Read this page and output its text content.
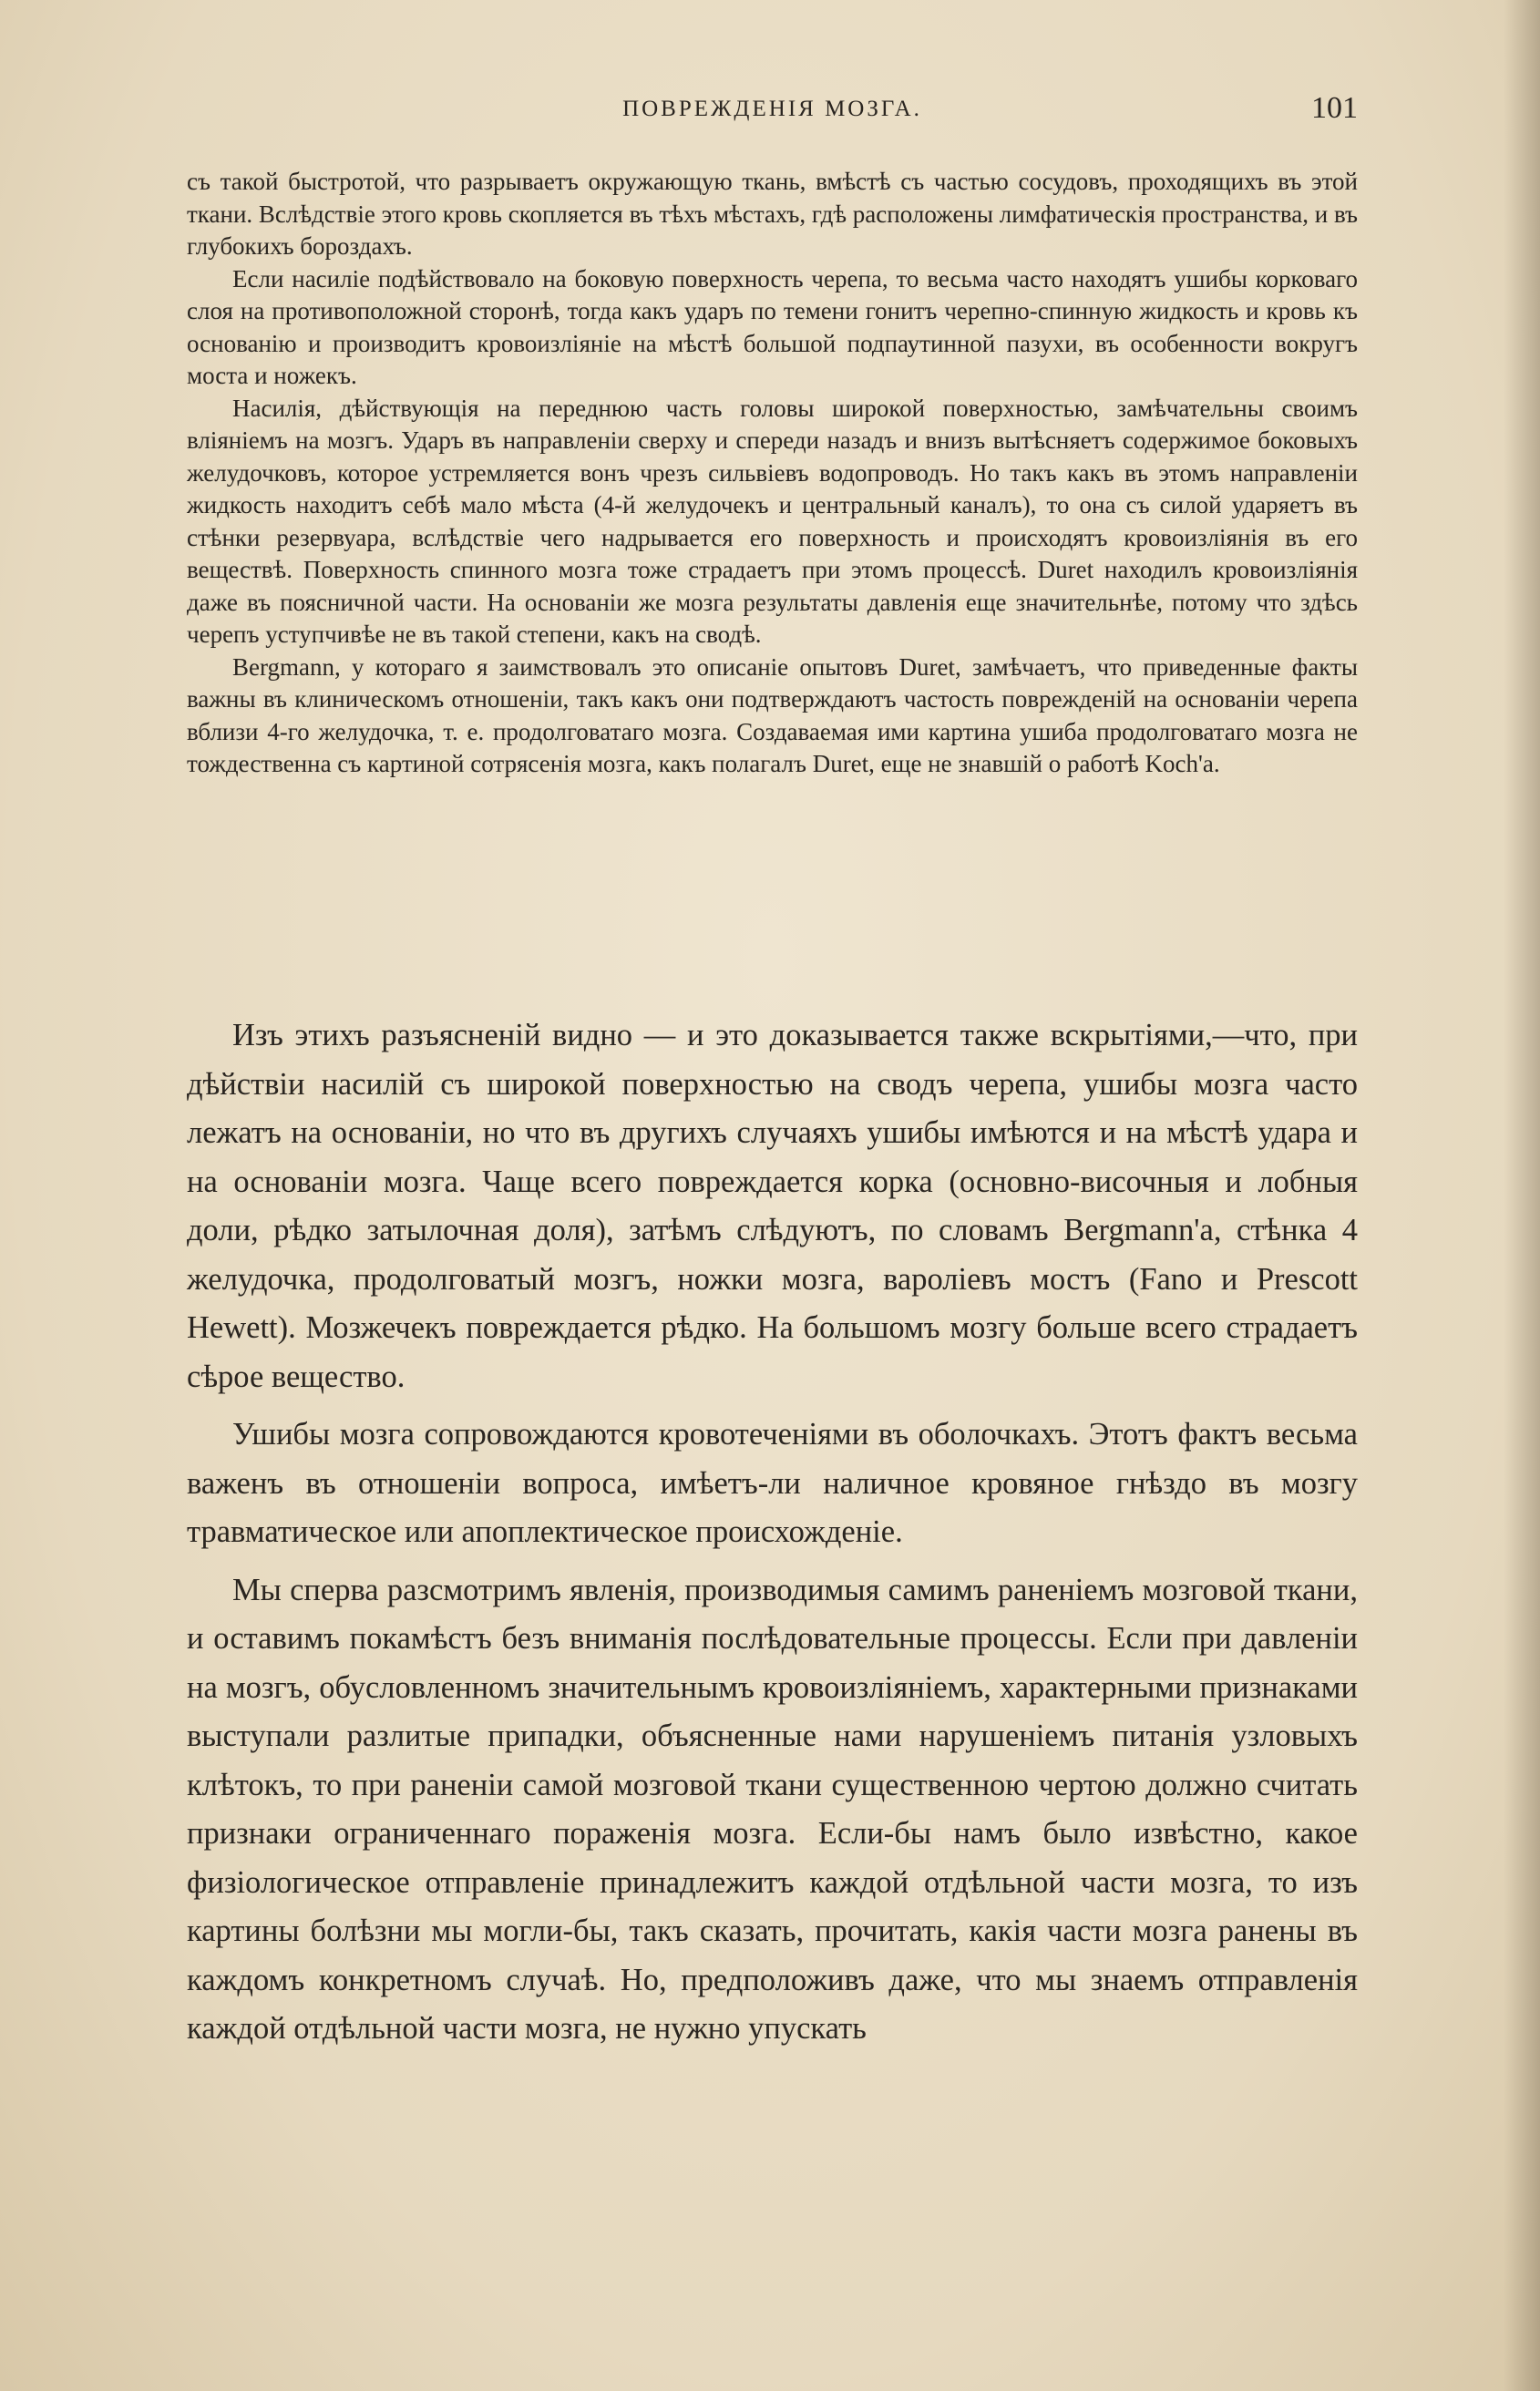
ПОВРЕЖДЕНІЯ МОЗГА.	101

съ такой быстротой, что разрываетъ окружающую ткань, вмѣстѣ съ частью сосудовъ, проходящихъ въ этой ткани. Вслѣдствіе этого кровь скопляется въ тѣхъ мѣстахъ, гдѣ расположены лимфатическія пространства, и въ глубокихъ бороздахъ.

Если насиліе подѣйствовало на боковую поверхность черепа, то весьма часто находятъ ушибы корковаго слоя на противоположной сторонѣ, тогда какъ ударъ по темени гонитъ черепно-спинную жидкость и кровь къ основанію и производитъ кровоизліяніе на мѣстѣ большой подпаутинной пазухи, въ особенности вокругъ моста и ножекъ.

Насилія, дѣйствующія на переднюю часть головы широкой поверхностью, замѣчательны своимъ вліяніемъ на мозгъ. Ударъ въ направленіи сверху и спереди назадъ и внизъ вытѣсняетъ содержимое боковыхъ желудочковъ, которое устремляется вонъ чрезъ сильвіевъ водопроводъ. Но такъ какъ въ этомъ направленіи жидкость находитъ себѣ мало мѣста (4-й желудочекъ и центральный каналъ), то она съ силой ударяетъ въ стѣнки резервуара, вслѣдствіе чего надрывается его поверхность и происходятъ кровоизліянія въ его веществѣ. Поверхность спинного мозга тоже страдаетъ при этомъ процессѣ. Duret находилъ кровоизліянія даже въ поясничной части. На основаніи же мозга результаты давленія еще значительнѣе, потому что здѣсь черепъ уступчивѣе не въ такой степени, какъ на сводѣ.

Bergmann, у котораго я заимствовалъ это описаніе опытовъ Duret, замѣчаетъ, что приведенные факты важны въ клиническомъ отношеніи, такъ какъ они подтверждаютъ частость поврежденій на основаніи черепа вблизи 4-го желудочка, т. е. продолговатаго мозга. Создаваемая ими картина ушиба продолговатаго мозга не тождественна съ картиной сотрясенія мозга, какъ полагалъ Duret, еще не знавшій о работѣ Koch'а.

Изъ этихъ разъясненій видно — и это доказывается также вскрытіями,—что, при дѣйствіи насилій съ широкой поверхностью на сводъ черепа, ушибы мозга часто лежатъ на основаніи, но что въ другихъ случаяхъ ушибы имѣются и на мѣстѣ удара и на основаніи мозга. Чаще всего повреждается корка (основно-височныя и лобныя доли, рѣдко затылочная доля), затѣмъ слѣдуютъ, по словамъ Bergmann'а, стѣнка 4 желудочка, продолговатый мозгъ, ножки мозга, вароліевъ мостъ (Fano и Prescott Hewett). Мозжечекъ повреждается рѣдко. На большомъ мозгу больше всего страдаетъ сѣрое вещество.

Ушибы мозга сопровождаются кровотеченіями въ оболочкахъ. Этотъ фактъ весьма важенъ въ отношеніи вопроса, имѣетъ-ли наличное кровяное гнѣздо въ мозгу травматическое или апоплектическое происхожденіе.

Мы сперва разсмотримъ явленія, производимыя самимъ раненіемъ мозговой ткани, и оставимъ покамѣстъ безъ вниманія послѣдовательные процессы. Если при давленіи на мозгъ, обусловленномъ значительнымъ кровоизліяніемъ, характерными признаками выступали разлитые припадки, объясненные нами нарушеніемъ питанія узловыхъ клѣтокъ, то при раненіи самой мозговой ткани существенною чертою должно считать признаки ограниченнаго пораженія мозга. Если-бы намъ было извѣстно, какое физіологическое отправленіе принадлежитъ каждой отдѣльной части мозга, то изъ картины болѣзни мы могли-бы, такъ сказать, прочитать, какія части мозга ранены въ каждомъ конкретномъ случаѣ. Но, предположивъ даже, что мы знаемъ отправленія каждой отдѣльной части мозга, не нужно упускать
